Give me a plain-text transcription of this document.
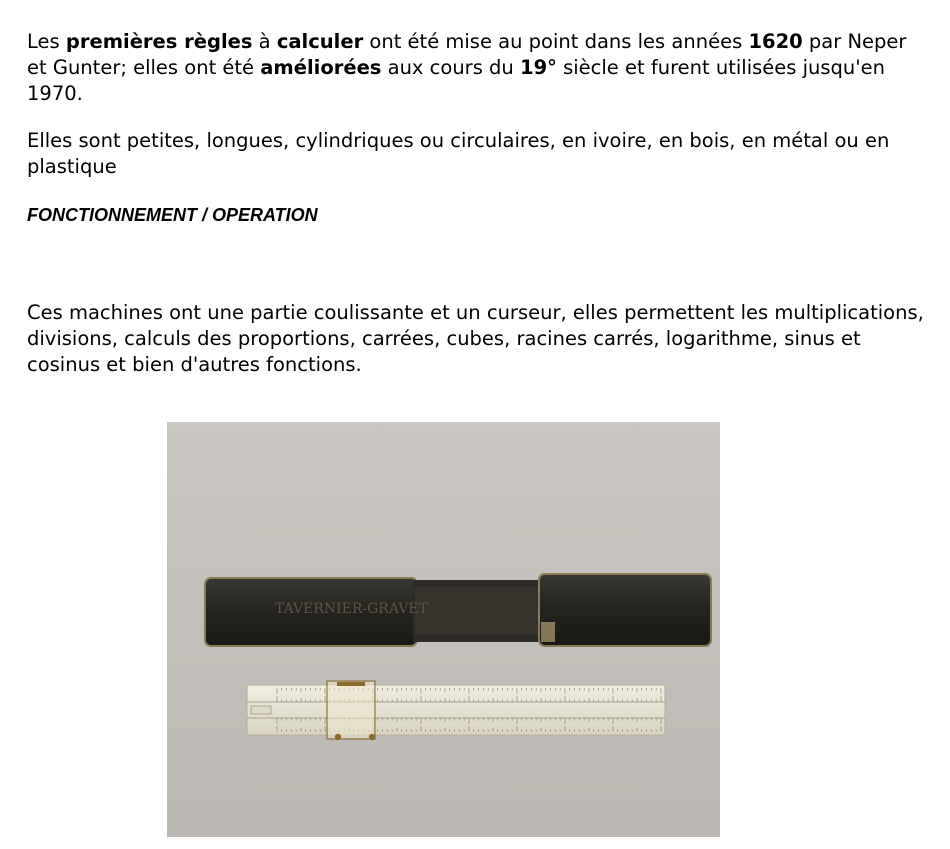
Les premières règles à calculer ont été mise au point dans les années 1620 par Neper et Gunter; elles ont été améliorées aux cours du 19° siècle et furent utilisées jusqu'en 1970.

Elles sont petites, longues, cylindriques ou circulaires, en ivoire, en bois, en métal ou en plastique

FONCTIONNEMENT / OPERATION

Ces machines ont une partie coulissante et un curseur, elles permettent les multiplications, divisions, calculs des proportions, carrées, cubes, racines carrés, logarithme, sinus et cosinus et bien d'autres fonctions.

TAVERNIER-GRAVET
